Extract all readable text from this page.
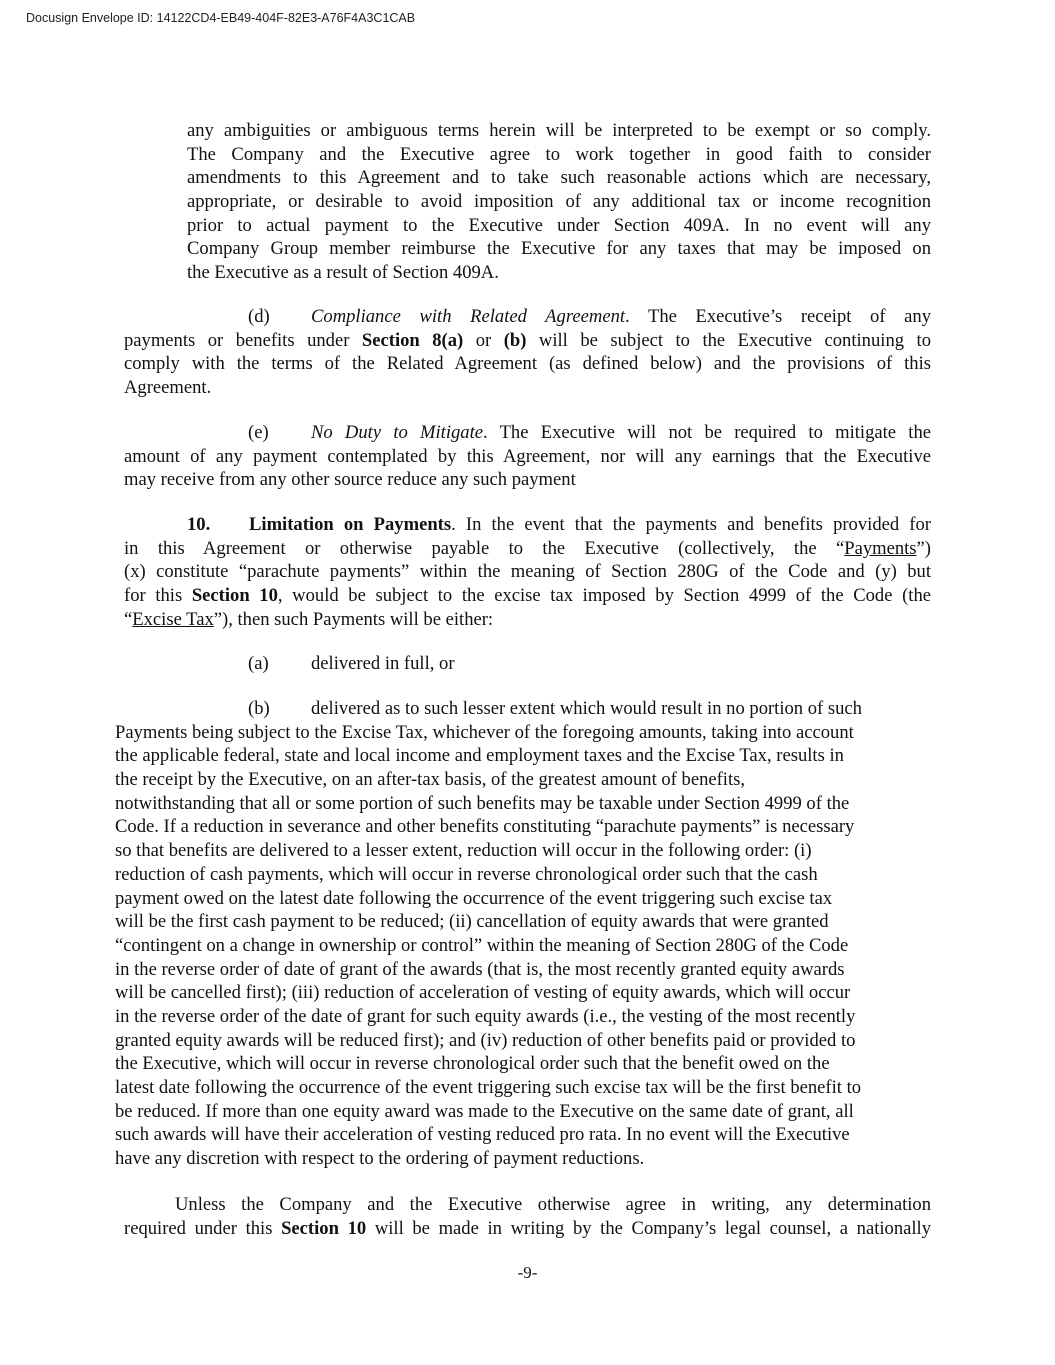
Docusign Envelope ID: 14122CD4-EB49-404F-82E3-A76F4A3C1CAB
any ambiguities or ambiguous terms herein will be interpreted to be exempt or so comply.
The Company and the Executive agree to work together in good faith to consider
amendments to this Agreement and to take such reasonable actions which are necessary,
appropriate, or desirable to avoid imposition of any additional tax or income recognition
prior to actual payment to the Executive under Section 409A. In no event will any
Company Group member reimburse the Executive for any taxes that may be imposed on
the Executive as a result of Section 409A.
(d) Compliance with Related Agreement. The Executive’s receipt of any
payments or benefits under Section 8(a) or (b) will be subject to the Executive continuing to
comply with the terms of the Related Agreement (as defined below) and the provisions of this
Agreement.
(e) No Duty to Mitigate. The Executive will not be required to mitigate the
amount of any payment contemplated by this Agreement, nor will any earnings that the Executive
may receive from any other source reduce any such payment
10. Limitation on Payments. In the event that the payments and benefits provided for
in this Agreement or otherwise payable to the Executive (collectively, the “Payments”)
(x) constitute “parachute payments” within the meaning of Section 280G of the Code and (y) but
for this Section 10, would be subject to the excise tax imposed by Section 4999 of the Code (the
“Excise Tax”), then such Payments will be either:
(a) delivered in full, or
(b) delivered as to such lesser extent which would result in no portion of such
Payments being subject to the Excise Tax, whichever of the foregoing amounts, taking into account
the applicable federal, state and local income and employment taxes and the Excise Tax, results in
the receipt by the Executive, on an after-tax basis, of the greatest amount of benefits,
notwithstanding that all or some portion of such benefits may be taxable under Section 4999 of the
Code. If a reduction in severance and other benefits constituting “parachute payments” is necessary
so that benefits are delivered to a lesser extent, reduction will occur in the following order: (i)
reduction of cash payments, which will occur in reverse chronological order such that the cash
payment owed on the latest date following the occurrence of the event triggering such excise tax
will be the first cash payment to be reduced; (ii) cancellation of equity awards that were granted
“contingent on a change in ownership or control” within the meaning of Section 280G of the Code
in the reverse order of date of grant of the awards (that is, the most recently granted equity awards
will be cancelled first); (iii) reduction of acceleration of vesting of equity awards, which will occur
in the reverse order of the date of grant for such equity awards (i.e., the vesting of the most recently
granted equity awards will be reduced first); and (iv) reduction of other benefits paid or provided to
the Executive, which will occur in reverse chronological order such that the benefit owed on the
latest date following the occurrence of the event triggering such excise tax will be the first benefit to
be reduced. If more than one equity award was made to the Executive on the same date of grant, all
such awards will have their acceleration of vesting reduced pro rata. In no event will the Executive
have any discretion with respect to the ordering of payment reductions.
Unless the Company and the Executive otherwise agree in writing, any determination
required under this Section 10 will be made in writing by the Company’s legal counsel, a nationally
-9-
